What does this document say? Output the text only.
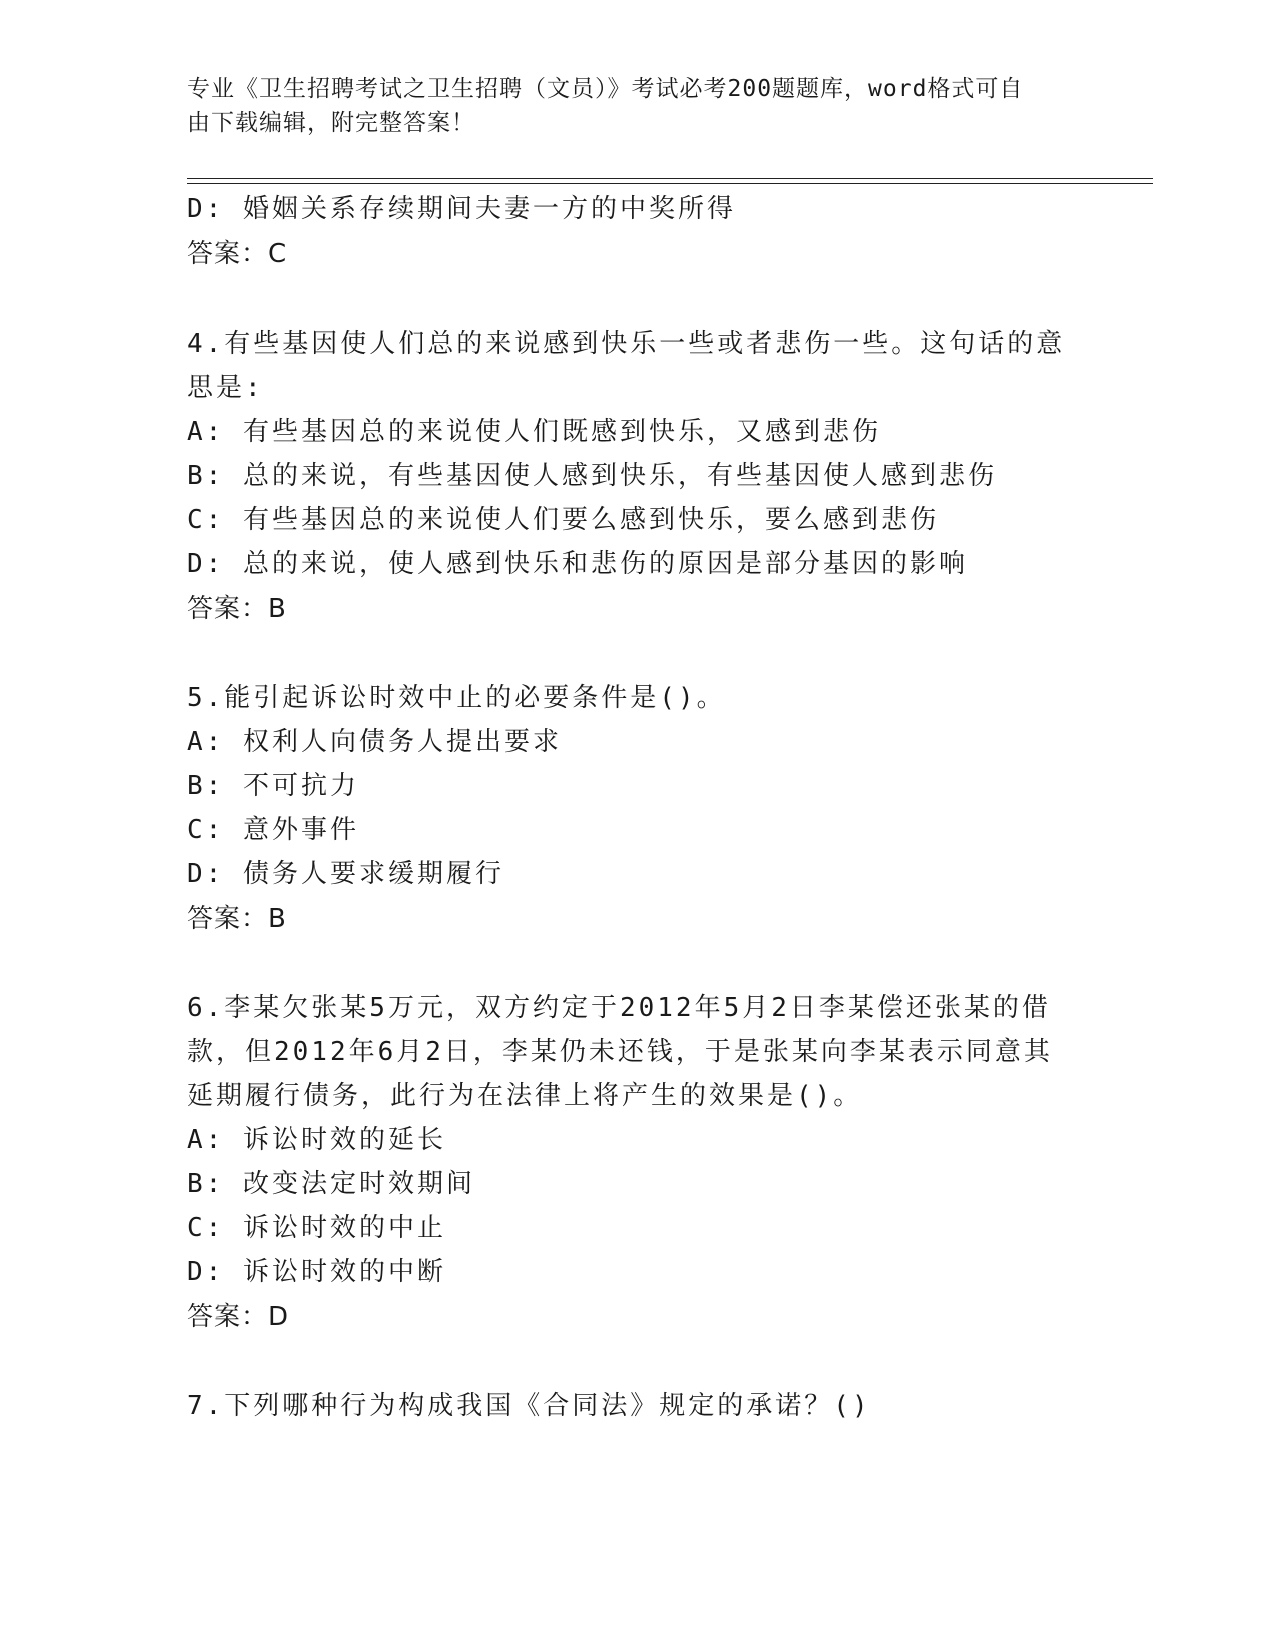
专业《卫生招聘考试之卫生招聘（文员）》考试必考200题题库，word格式可自
由下载编辑，附完整答案！
D: 婚姻关系存续期间夫妻一方的中奖所得
答案：C
4.有些基因使人们总的来说感到快乐一些或者悲伤一些。这句话的意
思是:
A: 有些基因总的来说使人们既感到快乐，又感到悲伤
B: 总的来说，有些基因使人感到快乐，有些基因使人感到悲伤
C: 有些基因总的来说使人们要么感到快乐，要么感到悲伤
D: 总的来说，使人感到快乐和悲伤的原因是部分基因的影响
答案：B
5.能引起诉讼时效中止的必要条件是()。
A: 权利人向债务人提出要求
B: 不可抗力
C: 意外事件
D: 债务人要求缓期履行
答案：B
6.李某欠张某5万元，双方约定于2012年5月2日李某偿还张某的借
款，但2012年6月2日，李某仍未还钱，于是张某向李某表示同意其
延期履行债务，此行为在法律上将产生的效果是()。
A: 诉讼时效的延长
B: 改变法定时效期间
C: 诉讼时效的中止
D: 诉讼时效的中断
答案：D
7.下列哪种行为构成我国《合同法》规定的承诺？()
